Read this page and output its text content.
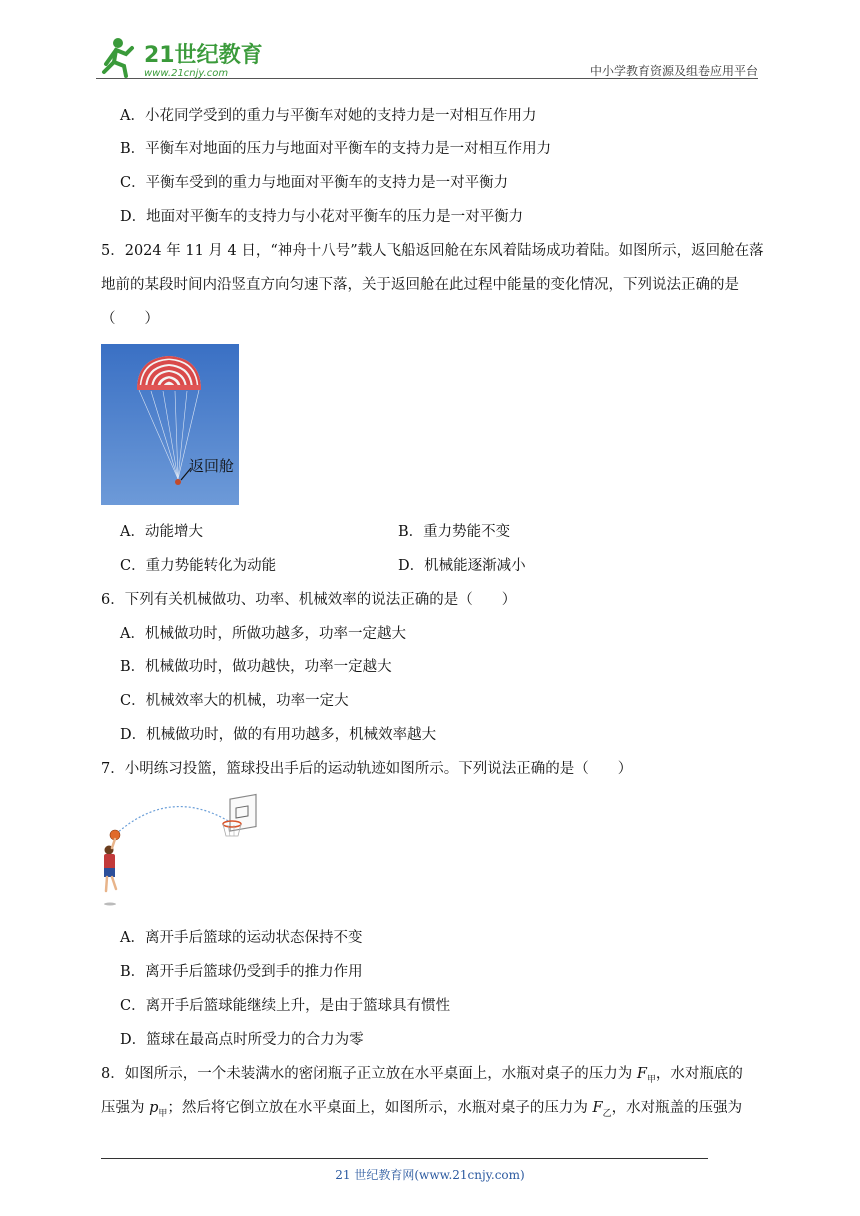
21世纪教育
www.21cnjy.com	中小学教育资源及组卷应用平台
A．小花同学受到的重力与平衡车对她的支持力是一对相互作用力
B．平衡车对地面的压力与地面对平衡车的支持力是一对相互作用力
C．平衡车受到的重力与地面对平衡车的支持力是一对平衡力
D．地面对平衡车的支持力与小花对平衡车的压力是一对平衡力
5．2024 年 11 月 4 日，“神舟十八号”载人飞船返回舱在东风着陆场成功着陆。如图所示，返回舱在落
地前的某段时间内沿竖直方向匀速下落，关于返回舱在此过程中能量的变化情况，下列说法正确的是
（　　）
返回舱
A．动能增大	B．重力势能不变
C．重力势能转化为动能	D．机械能逐渐减小
6．下列有关机械做功、功率、机械效率的说法正确的是（　　）
A．机械做功时，所做功越多，功率一定越大
B．机械做功时，做功越快，功率一定越大
C．机械效率大的机械，功率一定大
D．机械做功时，做的有用功越多，机械效率越大
7．小明练习投篮，篮球投出手后的运动轨迹如图所示。下列说法正确的是（　　）
A．离开手后篮球的运动状态保持不变
B．离开手后篮球仍受到手的推力作用
C．离开手后篮球能继续上升，是由于篮球具有惯性
D．篮球在最高点时所受力的合力为零
8．如图所示，一个未装满水的密闭瓶子正立放在水平桌面上，水瓶对桌子的压力为 $F_甲$，水对瓶底的
压强为 $p_甲$；然后将它倒立放在水平桌面上，如图所示，水瓶对桌子的压力为 $F_乙$，水对瓶盖的压强为
21 世纪教育网(www.21cnjy.com)
